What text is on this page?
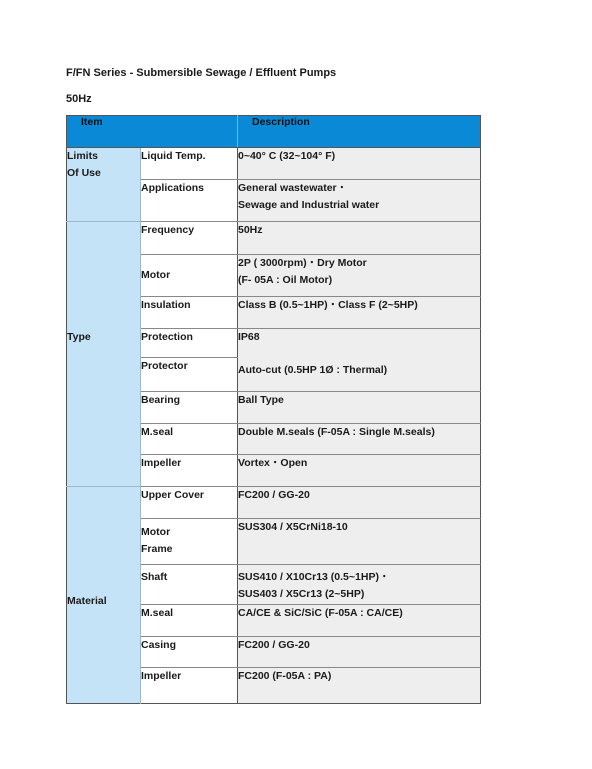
F/FN Series - Submersible Sewage / Effluent Pumps
50Hz
Item		Description

Limits
Of Use	Liquid Temp.	0~40° C (32~104° F)

	Applications	General wastewater・
Sewage and Industrial water

Type	Frequency	50Hz

	Motor	2P ( 3000rpm)・Dry Motor
(F- 05A : Oil Motor)

	Insulation	Class B (0.5~1HP)・Class F (2~5HP)

	Protection	IP68

	Protector	Auto-cut (0.5HP 1Ø : Thermal)

	Bearing	Ball Type

	M.seal	Double M.seals (F-05A : Single M.seals)

	Impeller	Vortex・Open

Material	Upper Cover	FC200 / GG-20

	Motor
Frame	SUS304 / X5CrNi18-10

	Shaft	SUS410 / X10Cr13 (0.5~1HP)・
SUS403 / X5Cr13 (2~5HP)

	M.seal	CA/CE & SiC/SiC (F-05A : CA/CE)

	Casing	FC200 / GG-20

	Impeller	FC200 (F-05A : PA)
